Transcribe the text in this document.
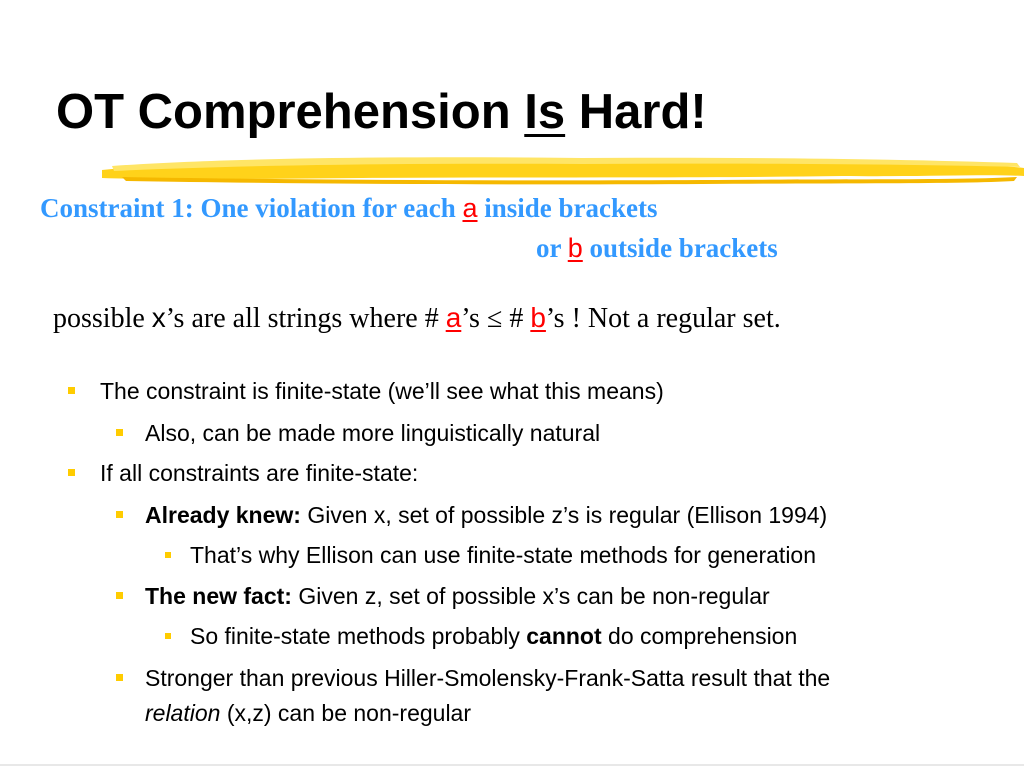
OT Comprehension Is Hard!
Constraint 1: One violation for each a inside brackets
or b outside brackets
possible x’s are all strings where # a’s ≤ # b’s ! Not a regular set.
The constraint is finite-state (we’ll see what this means)
Also, can be made more linguistically natural
If all constraints are finite-state:
Already knew: Given x, set of possible z’s is regular (Ellison 1994)
That’s why Ellison can use finite-state methods for generation
The new fact: Given z, set of possible x’s can be non-regular
So finite-state methods probably cannot do comprehension
Stronger than previous Hiller-Smolensky-Frank-Satta result that the
relation (x,z) can be non-regular
